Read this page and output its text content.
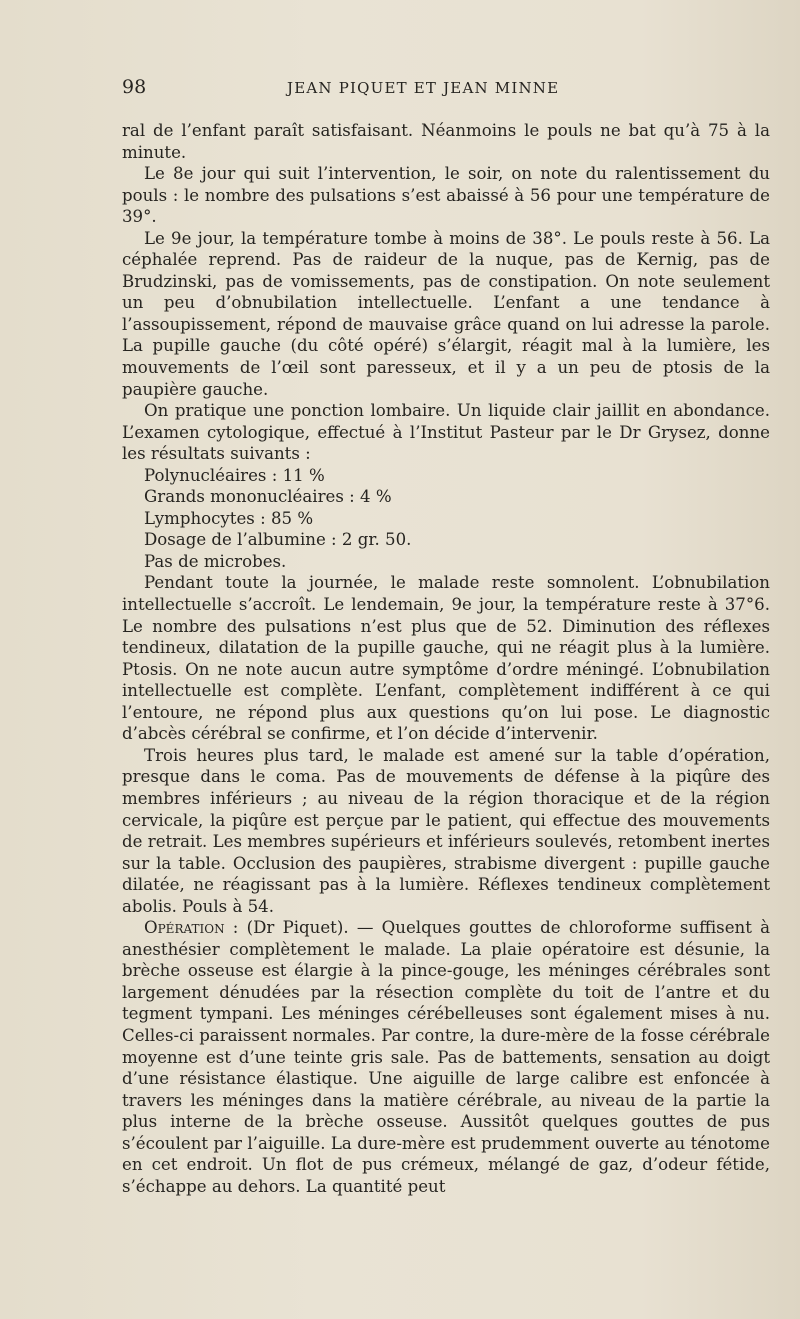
98	JEAN PIQUET ET JEAN MINNE

ral de l’enfant paraît satisfaisant. Néanmoins le pouls ne bat qu’à 75 à la minute.

Le 8e jour qui suit l’intervention, le soir, on note du ralentissement du pouls : le nombre des pulsations s’est abaissé à 56 pour une température de 39°.

Le 9e jour, la température tombe à moins de 38°. Le pouls reste à 56. La céphalée reprend. Pas de raideur de la nuque, pas de Kernig, pas de Brudzinski, pas de vomissements, pas de constipation. On note seulement un peu d’obnubilation intellectuelle. L’enfant a une tendance à l’assoupissement, répond de mauvaise grâce quand on lui adresse la parole. La pupille gauche (du côté opéré) s’élargit, réagit mal à la lumière, les mouvements de l’œil sont paresseux, et il y a un peu de ptosis de la paupière gauche.

On pratique une ponction lombaire. Un liquide clair jaillit en abondance. L’examen cytologique, effectué à l’Institut Pasteur par le Dr Grysez, donne les résultats suivants :

Polynucléaires : 11 %

Grands mononucléaires : 4 %

Lymphocytes : 85 %

Dosage de l’albumine : 2 gr. 50.

Pas de microbes.

Pendant toute la journée, le malade reste somnolent. L’obnubilation intellectuelle s’accroît. Le lendemain, 9e jour, la température reste à 37°6. Le nombre des pulsations n’est plus que de 52. Diminution des réflexes tendineux, dilatation de la pupille gauche, qui ne réagit plus à la lumière. Ptosis. On ne note aucun autre symptôme d’ordre méningé. L’obnubilation intellectuelle est complète. L’enfant, complètement indifférent à ce qui l’entoure, ne répond plus aux questions qu’on lui pose. Le diagnostic d’abcès cérébral se confirme, et l’on décide d’intervenir.

Trois heures plus tard, le malade est amené sur la table d’opération, presque dans le coma. Pas de mouvements de défense à la piqûre des membres inférieurs ; au niveau de la région thoracique et de la région cervicale, la piqûre est perçue par le patient, qui effectue des mouvements de retrait. Les membres supérieurs et inférieurs soulevés, retombent inertes sur la table. Occlusion des paupières, strabisme divergent : pupille gauche dilatée, ne réagissant pas à la lumière. Réflexes tendineux complètement abolis. Pouls à 54.

Opération : (Dr Piquet). — Quelques gouttes de chloroforme suffisent à anesthésier complètement le malade. La plaie opératoire est désunie, la brèche osseuse est élargie à la pince-gouge, les méninges cérébrales sont largement dénudées par la résection complète du toit de l’antre et du tegment tympani. Les méninges cérébelleuses sont également mises à nu. Celles-ci paraissent normales. Par contre, la dure-mère de la fosse cérébrale moyenne est d’une teinte gris sale. Pas de battements, sensation au doigt d’une résistance élastique. Une aiguille de large calibre est enfoncée à travers les méninges dans la matière cérébrale, au niveau de la partie la plus interne de la brèche osseuse. Aussitôt quelques gouttes de pus s’écoulent par l’aiguille. La dure-mère est prudemment ouverte au ténotome en cet endroit. Un flot de pus crémeux, mélangé de gaz, d’odeur fétide, s’échappe au dehors. La quantité peut
